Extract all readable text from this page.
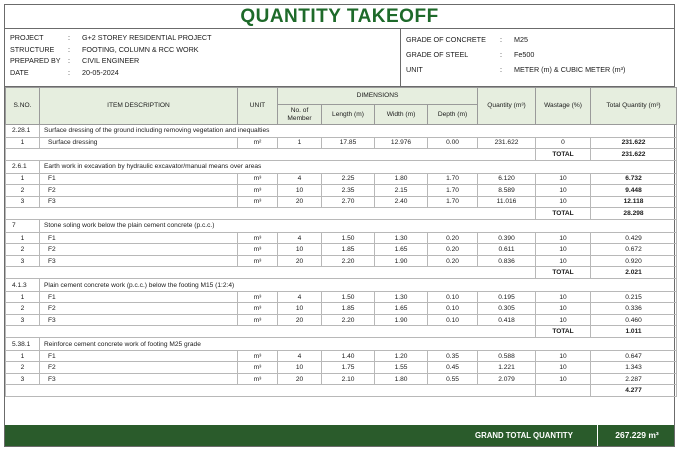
QUANTITY TAKEOFF
PROJECT	:	G+2 STOREY RESIDENTIAL PROJECT
STRUCTURE	:	FOOTING, COLUMN & RCC WORK
PREPARED BY	:	CIVIL ENGINEER
DATE	:	20-05-2024
GRADE OF CONCRETE	:	M25
GRADE OF STEEL	:	Fe500
UNIT	:	METER (m) & CUBIC METER (m³)
S.NO.	ITEM DESCRIPTION	UNIT	DIMENSIONS				Quantity (m³)	Wastage (%)	Total Quantity (m³)
			No. of Member	Length (m)	Width (m)	Depth (m)			
2.28.1	Surface dressing of the ground including removing vegetation and inequalties								
1	Surface dressing	m²	1	17.85	12.976	0.00	231.622	0	231.622
								TOTAL	231.622
2.6.1	Earth work in excavation by hydraulic excavator/manual means over areas								
1	F1	m³	4	2.25	1.80	1.70	6.120	10	6.732
2	F2	m³	10	2.35	2.15	1.70	8.589	10	9.448
3	F3	m³	20	2.70	2.40	1.70	11.016	10	12.118
								TOTAL	28.298
7	Stone soling work below the plain cement concrete (p.c.c.)								
1	F1	m³	4	1.50	1.30	0.20	0.390	10	0.429
2	F2	m³	10	1.85	1.65	0.20	0.611	10	0.672
3	F3	m³	20	2.20	1.90	0.20	0.836	10	0.920
								TOTAL	2.021
4.1.3	Plain cement concrete work (p.c.c.) below the footing M15 (1:2:4)								
1	F1	m³	4	1.50	1.30	0.10	0.195	10	0.215
2	F2	m³	10	1.85	1.65	0.10	0.305	10	0.336
3	F3	m³	20	2.20	1.90	0.10	0.418	10	0.460
								TOTAL	1.011
5.38.1	Reinforce cement concrete work of footing M25 grade								
1	F1	m³	4	1.40	1.20	0.35	0.588	10	0.647
2	F2	m³	10	1.75	1.55	0.45	1.221	10	1.343
3	F3	m³	20	2.10	1.80	0.55	2.079	10	2.287
									4.277
GRAND TOTAL QUANTITY	267.229 m³
